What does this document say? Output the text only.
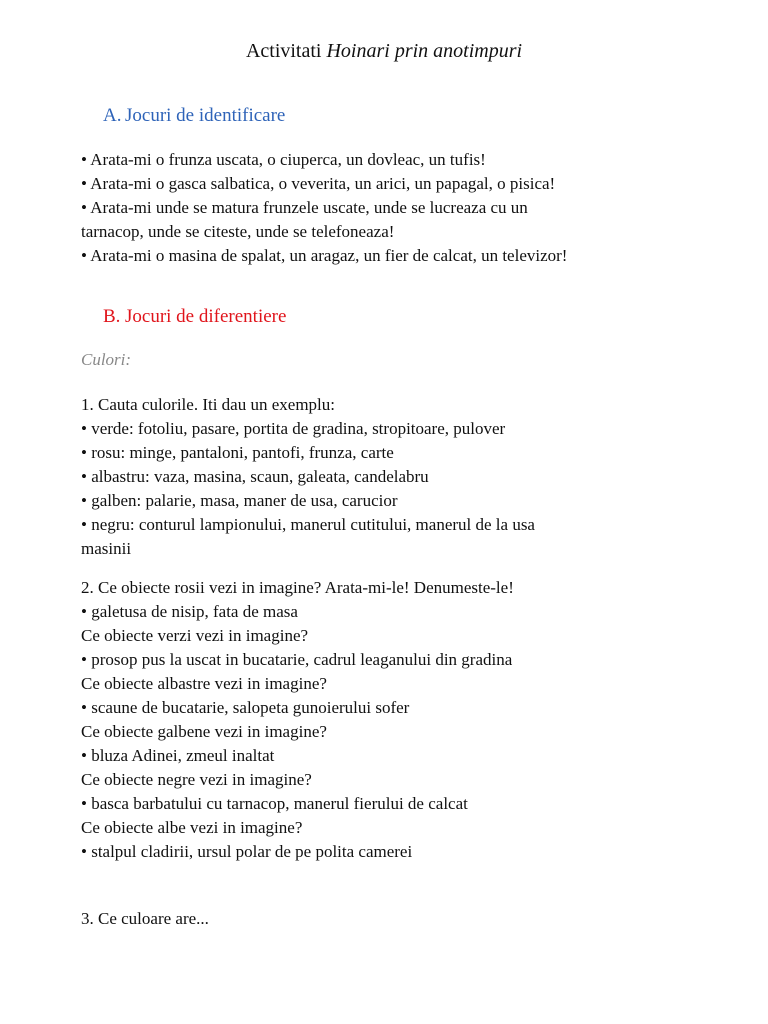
Activitati Hoinari prin anotimpuri
A. Jocuri de identificare
• Arata-mi o frunza uscata, o ciuperca, un dovleac, un tufis!
• Arata-mi o gasca salbatica, o veverita, un arici, un papagal, o pisica!
• Arata-mi unde se matura frunzele uscate, unde se lucreaza cu un
tarnacop, unde se citeste, unde se telefoneaza!
• Arata-mi o masina de spalat, un aragaz, un fier de calcat, un televizor!
B. Jocuri de diferentiere
Culori:
1. Cauta culorile. Iti dau un exemplu:
• verde: fotoliu, pasare, portita de gradina, stropitoare, pulover
• rosu: minge, pantaloni, pantofi, frunza, carte
• albastru: vaza, masina, scaun, galeata, candelabru
• galben: palarie, masa, maner de usa, carucior
• negru: conturul lampionului, manerul cutitului, manerul de la usa
masinii
2. Ce obiecte rosii vezi in imagine? Arata-mi-le! Denumeste-le!
• galetusa de nisip, fata de masa
Ce obiecte verzi vezi in imagine?
• prosop pus la uscat in bucatarie, cadrul leaganului din gradina
Ce obiecte albastre vezi in imagine?
• scaune de bucatarie, salopeta gunoierului sofer
Ce obiecte galbene vezi in imagine?
• bluza Adinei, zmeul inaltat
Ce obiecte negre vezi in imagine?
• basca barbatului cu tarnacop, manerul fierului de calcat
Ce obiecte albe vezi in imagine?
• stalpul cladirii, ursul polar de pe polita camerei
3. Ce culoare are...
